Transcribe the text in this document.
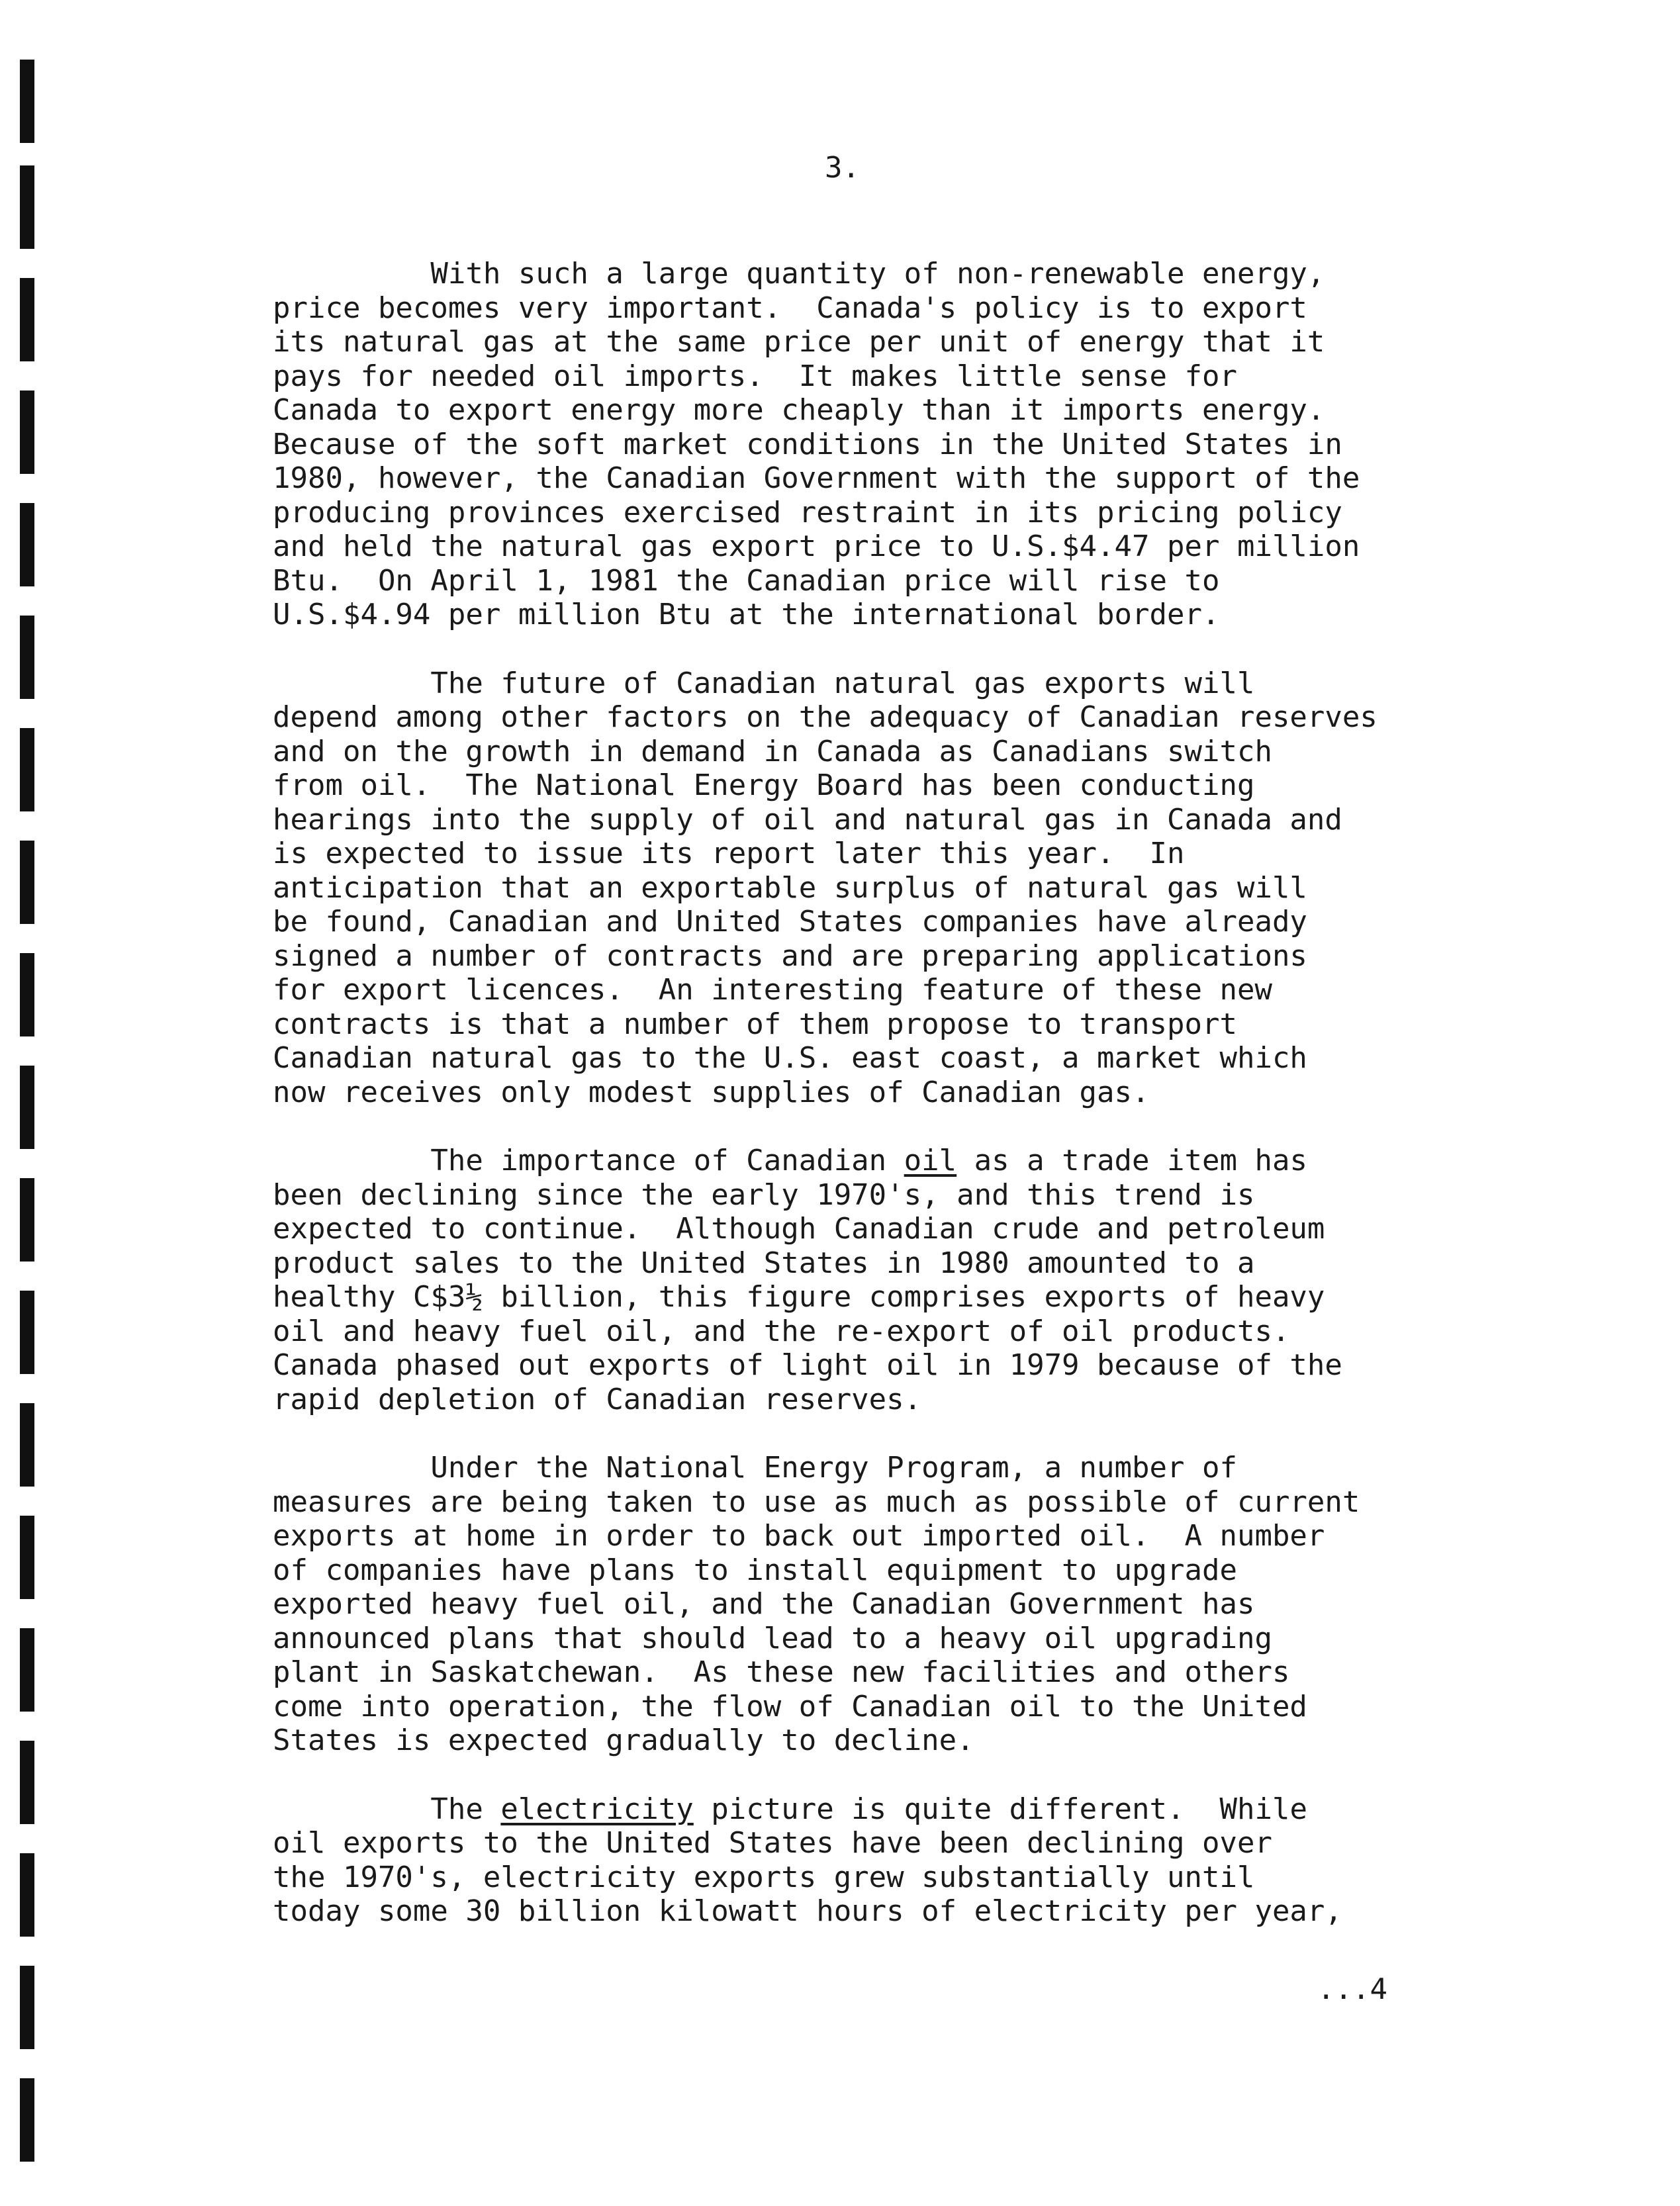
3.

With such a large quantity of non-renewable energy,
price becomes very important.  Canada's policy is to export
its natural gas at the same price per unit of energy that it
pays for needed oil imports.  It makes little sense for
Canada to export energy more cheaply than it imports energy.
Because of the soft market conditions in the United States in
1980, however, the Canadian Government with the support of the
producing provinces exercised restraint in its pricing policy
and held the natural gas export price to U.S.$4.47 per million
Btu.  On April 1, 1981 the Canadian price will rise to
U.S.$4.94 per million Btu at the international border.

The future of Canadian natural gas exports will
depend among other factors on the adequacy of Canadian reserves
and on the growth in demand in Canada as Canadians switch
from oil.  The National Energy Board has been conducting
hearings into the supply of oil and natural gas in Canada and
is expected to issue its report later this year.  In
anticipation that an exportable surplus of natural gas will
be found, Canadian and United States companies have already
signed a number of contracts and are preparing applications
for export licences.  An interesting feature of these new
contracts is that a number of them propose to transport
Canadian natural gas to the U.S. east coast, a market which
now receives only modest supplies of Canadian gas.

The importance of Canadian oil as a trade item has
been declining since the early 1970's, and this trend is
expected to continue.  Although Canadian crude and petroleum
product sales to the United States in 1980 amounted to a
healthy C$3½ billion, this figure comprises exports of heavy
oil and heavy fuel oil, and the re-export of oil products.
Canada phased out exports of light oil in 1979 because of the
rapid depletion of Canadian reserves.

Under the National Energy Program, a number of
measures are being taken to use as much as possible of current
exports at home in order to back out imported oil.  A number
of companies have plans to install equipment to upgrade
exported heavy fuel oil, and the Canadian Government has
announced plans that should lead to a heavy oil upgrading
plant in Saskatchewan.  As these new facilities and others
come into operation, the flow of Canadian oil to the United
States is expected gradually to decline.

The electricity picture is quite different.  While
oil exports to the United States have been declining over
the 1970's, electricity exports grew substantially until
today some 30 billion kilowatt hours of electricity per year,

...4
